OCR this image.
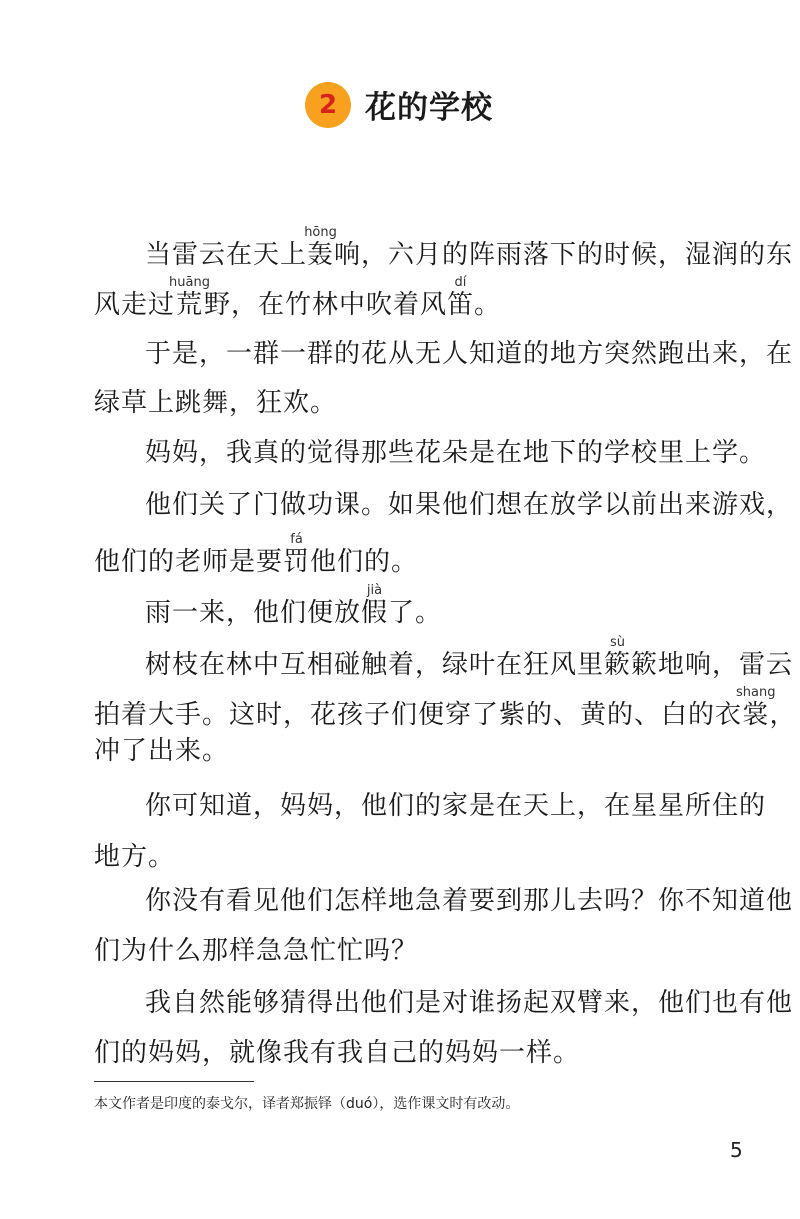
2 花的学校
当雷云在天上轰hōng响，六月的阵雨落下的时候，湿润的东
风走过荒huāng野，在竹林中吹着风笛dí。
于是，一群一群的花从无人知道的地方突然跑出来，在
绿草上跳舞，狂欢。
妈妈，我真的觉得那些花朵是在地下的学校里上学。
他们关了门做功课。如果他们想在放学以前出来游戏，
他们的老师是要罚fá他们的。
雨一来，他们便放假jià了。
树枝在林中互相碰触着，绿叶在狂风里簌sù簌地响，雷云
拍着大手。这时，花孩子们便穿了紫的、黄的、白的衣裳shang，
冲了出来。
你可知道，妈妈，他们的家是在天上，在星星所住的
地方。
你没有看见他们怎样地急着要到那儿去吗？你不知道他
们为什么那样急急忙忙吗？
我自然能够猜得出他们是对谁扬起双臂来，他们也有他
们的妈妈，就像我有我自己的妈妈一样。
本文作者是印度的泰戈尔，译者郑振铎（duó），选作课文时有改动。
5
